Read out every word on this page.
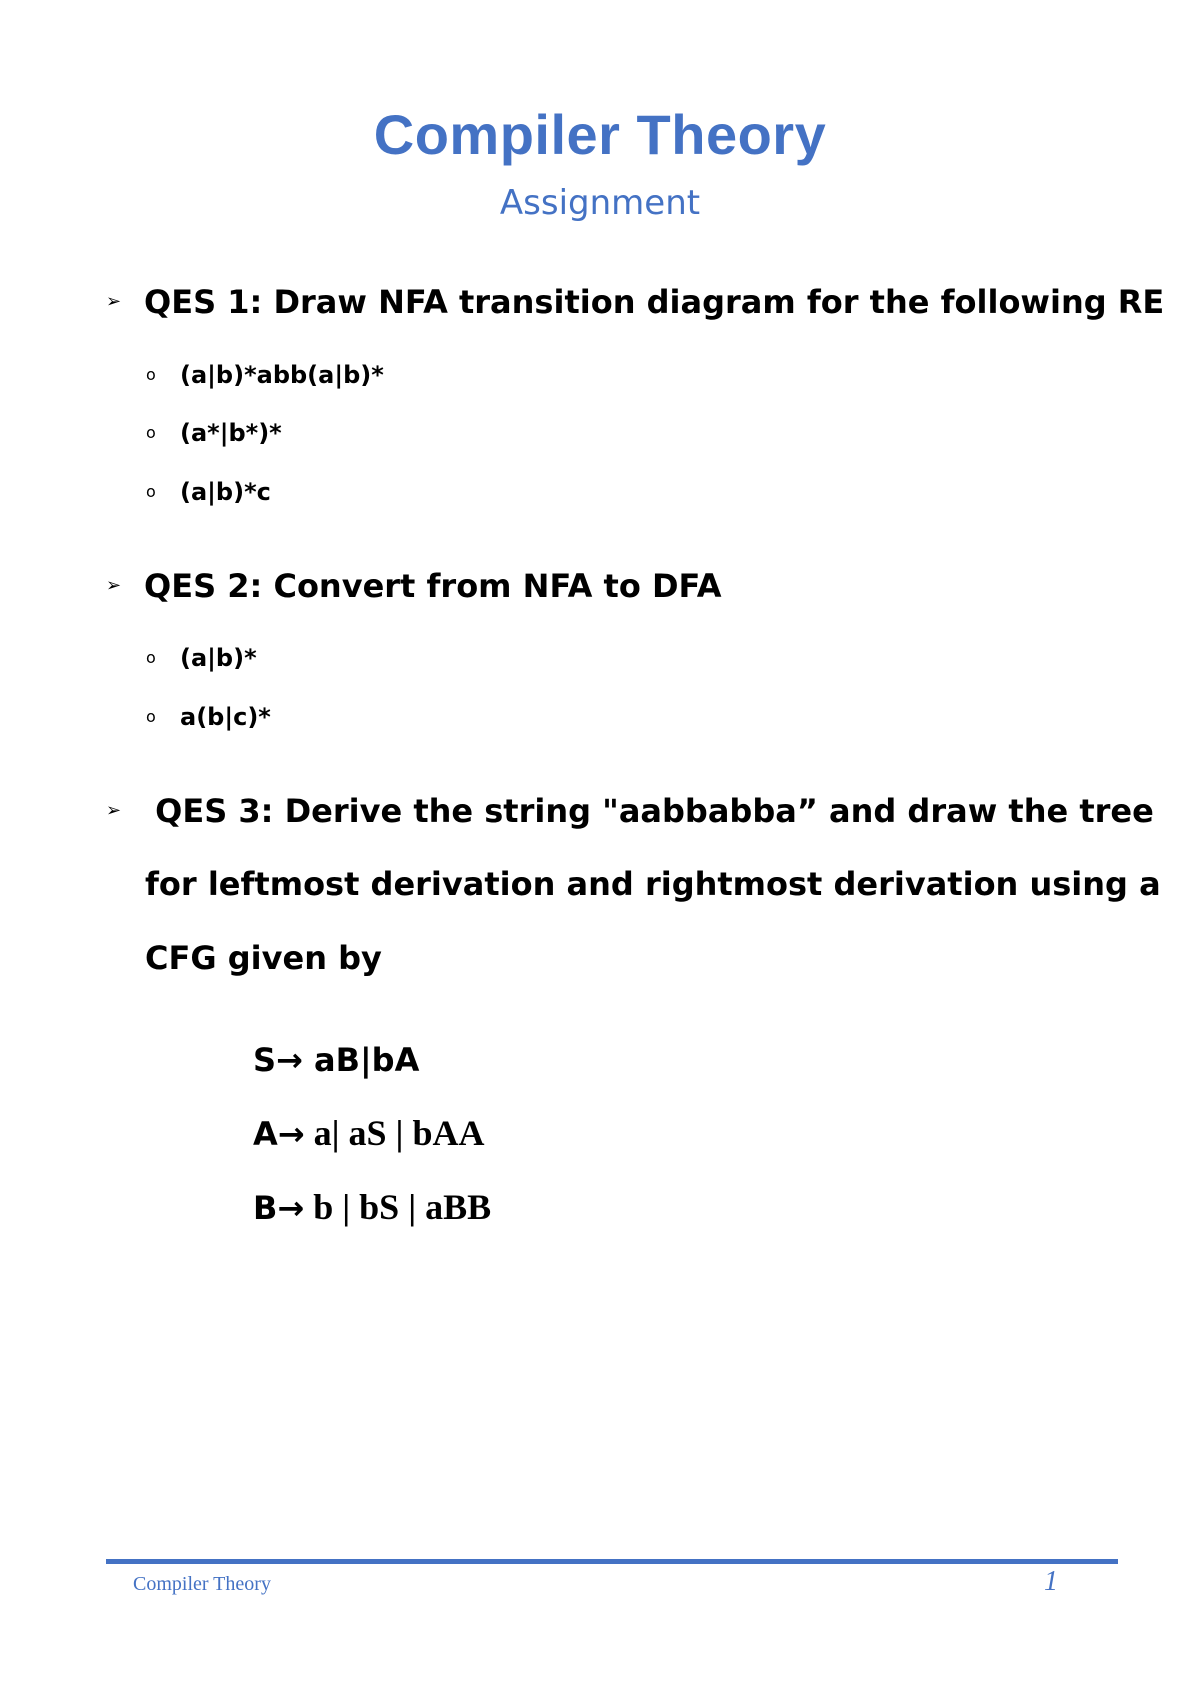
Compiler Theory
Assignment
➢ QES 1: Draw NFA transition diagram for the following RE
o (a|b)*abb(a|b)*
o (a*|b*)*
o (a|b)*c
➢ QES 2: Convert from NFA to DFA
o (a|b)*
o a(b|c)*
➢ QES 3: Derive the string "aabbabba” and draw the tree
for leftmost derivation and rightmost derivation using a
CFG given by
S→ aB|bA
A→ a| aS | bAA
B→ b | bS | aBB
Compiler Theory	1
